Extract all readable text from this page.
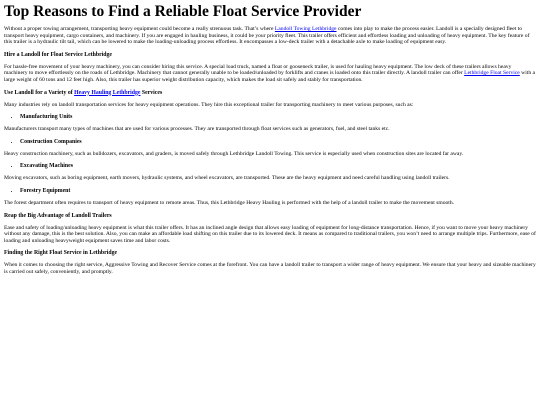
Top Reasons to Find a Reliable Float Service Provider

Without a proper towing arrangement, transporting heavy equipment could become a really strenuous task. That’s where Landoll Towing Lethbridge comes into play to make the process easier. Landoll is a specially designed fleet to transport heavy equipment, cargo containers, and machinery. If you are engaged in hauling business, it could be your priority fleet. This trailer offers efficient and effortless loading and unloading of heavy equipment. The key feature of this trailer is a hydraulic tilt tail, which can be lowered to make the loading-unloading process effortless. It encompasses a low-deck trailer with a detachable axle to make loading of equipment easy.

Hire a Landoll for Float Service Lethbridge

For hassle-free movement of your heavy machinery, you can consider hiring this service. A special load truck, named a float or gooseneck trailer, is used for hauling heavy equipment. The low deck of these trailers allows heavy machinery to move effortlessly on the roads of Lethbridge. Machinery that cannot generally unable to be loaded/unloaded by forklifts and cranes is loaded onto this trailer directly. A landoll trailer can offer Lethbridge Float Service with a large weight of 60 tons and 12 feet high. Also, this trailer has superior weight distribution capacity, which makes the load sit safely and stably for transportation.

Use Landoll for a Variety of Heavy Hauling Lethbridge Services

Many industries rely on landoll transportation services for heavy equipment operations. They hire this exceptional trailer for transporting machinery to meet various purposes, such as:

• Manufacturing Units

Manufacturers transport many types of machines that are used for various processes. They are transported through float services such as generators, fuel, and steel tanks etc.

• Construction Companies

Heavy construction machinery, such as bulldozers, excavators, and graders, is moved safely through Lethbridge Landoll Towing. This service is especially used when construction sites are located far away.

• Excavating Machines

Moving excavators, such as boring equipment, earth movers, hydraulic systems, and wheel excavators, are transported. These are the heavy equipment and need careful handling using landoll trailers.

• Forestry Equipment

The forest department often requires to transport of heavy equipment to remote areas. Thus, this Lethbridge Heavy Hauling is performed with the help of a landoll trailer to make the movement smooth.

Reap the Big Advantage of Landoll Trailers

Ease and safety of loading/unloading heavy equipment is what this trailer offers. It has an inclined angle design that allows easy loading of equipment for long-distance transportation. Hence, if you want to move your heavy machinery without any damage, this is the best solution. Also, you can make an affordable load shifting on this trailer due to its lowered deck. It means as compared to traditional trailers, you won’t need to arrange multiple trips. Furthermore, ease of loading and unloading heavyweight equipment saves time and labor costs.

Finding the Right Float Service in Lethbridge

When it comes to choosing the right service, Aggressive Towing and Recover Service comes at the forefront. You can have a landoll trailer to transport a wider range of heavy equipment. We ensure that your heavy and sizeable machinery is carried out safely, conveniently, and promptly.
